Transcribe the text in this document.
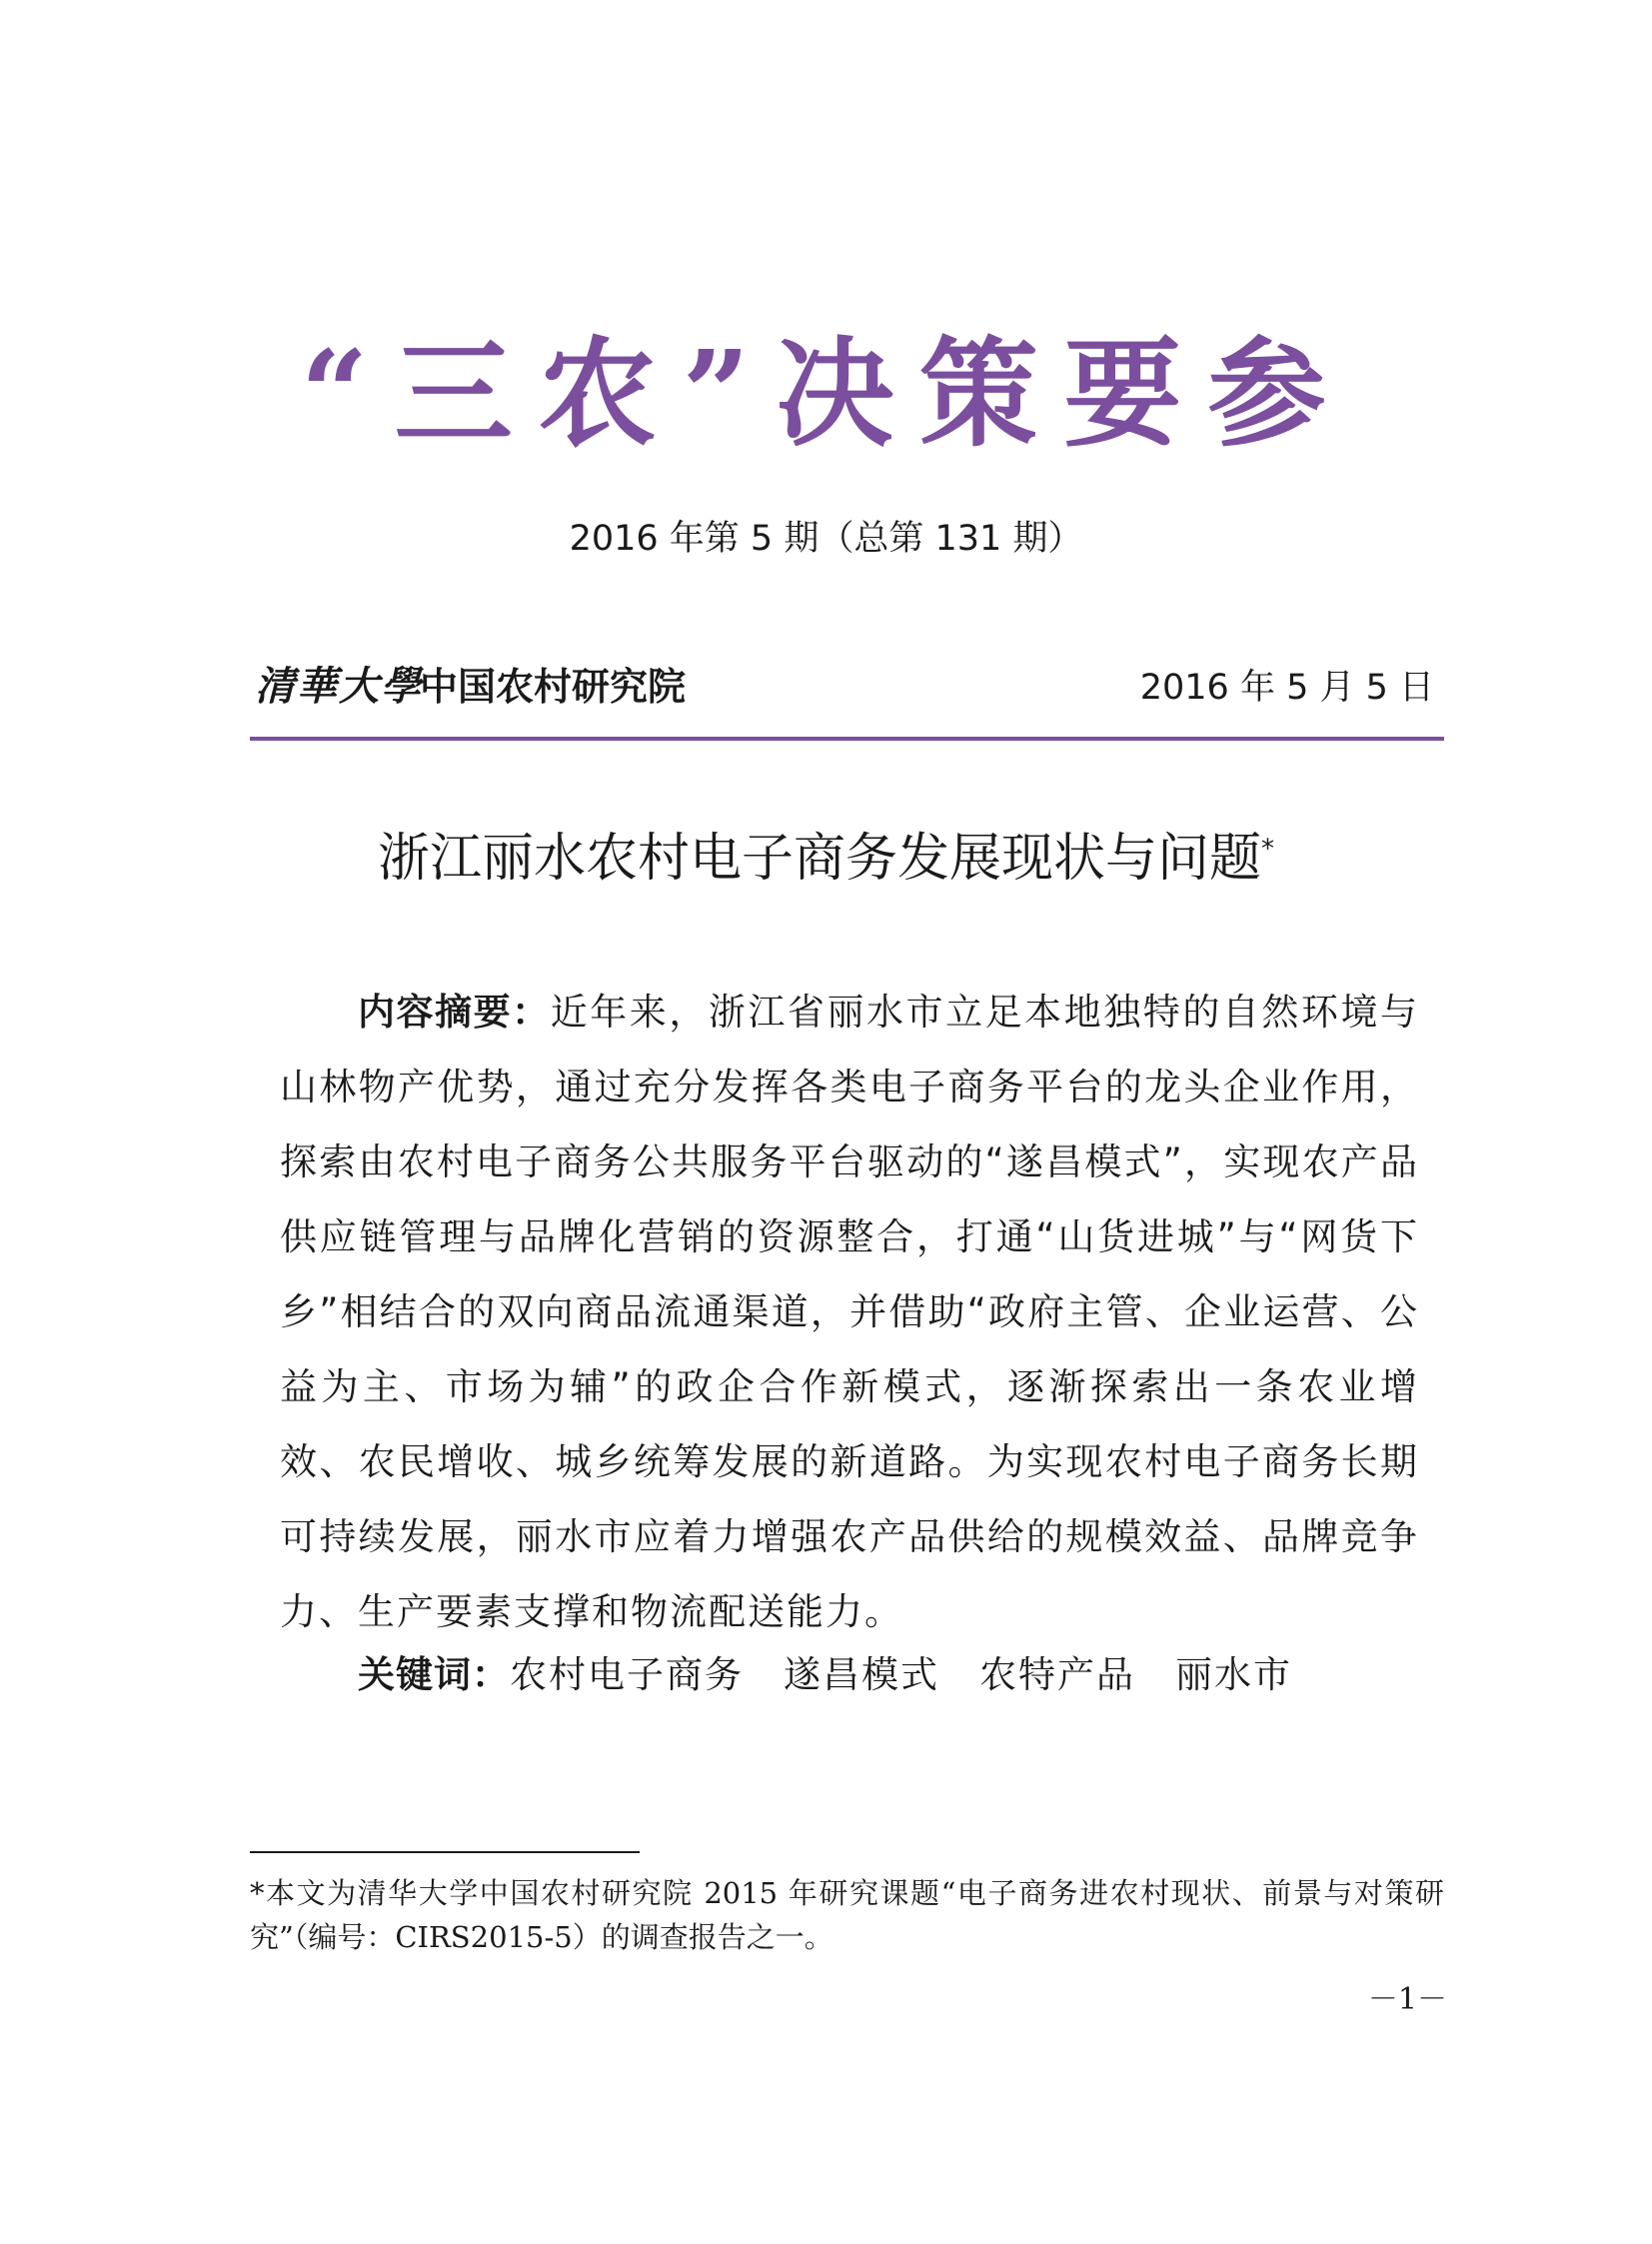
“三农”决策要参
2016 年第 5 期（总第 131 期）
清華大學
中国农村研究院	2016 年 5 月 5 日
浙江丽水农村电子商务发展现状与问题*

内容摘要：近年来，浙江省丽水市立足本地独特的自然环境与山林物产优势，通过充分发挥各类电子商务平台的龙头企业作用，探索由农村电子商务公共服务平台驱动的“遂昌模式”，实现农产品供应链管理与品牌化营销的资源整合，打通“山货进城”与“网货下乡”相结合的双向商品流通渠道，并借助“政府主管、企业运营、公益为主、市场为辅”的政企合作新模式，逐渐探索出一条农业增效、农民增收、城乡统筹发展的新道路。为实现农村电子商务长期可持续发展，丽水市应着力增强农产品供给的规模效益、品牌竞争力、生产要素支撑和物流配送能力。

关键词：农村电子商务 遂昌模式 农特产品 丽水市

*本文为清华大学中国农村研究院 2015 年研究课题“电子商务进农村现状、前景与对策研究”（编号：CIRS2015-5）的调查报告之一。

－1－
